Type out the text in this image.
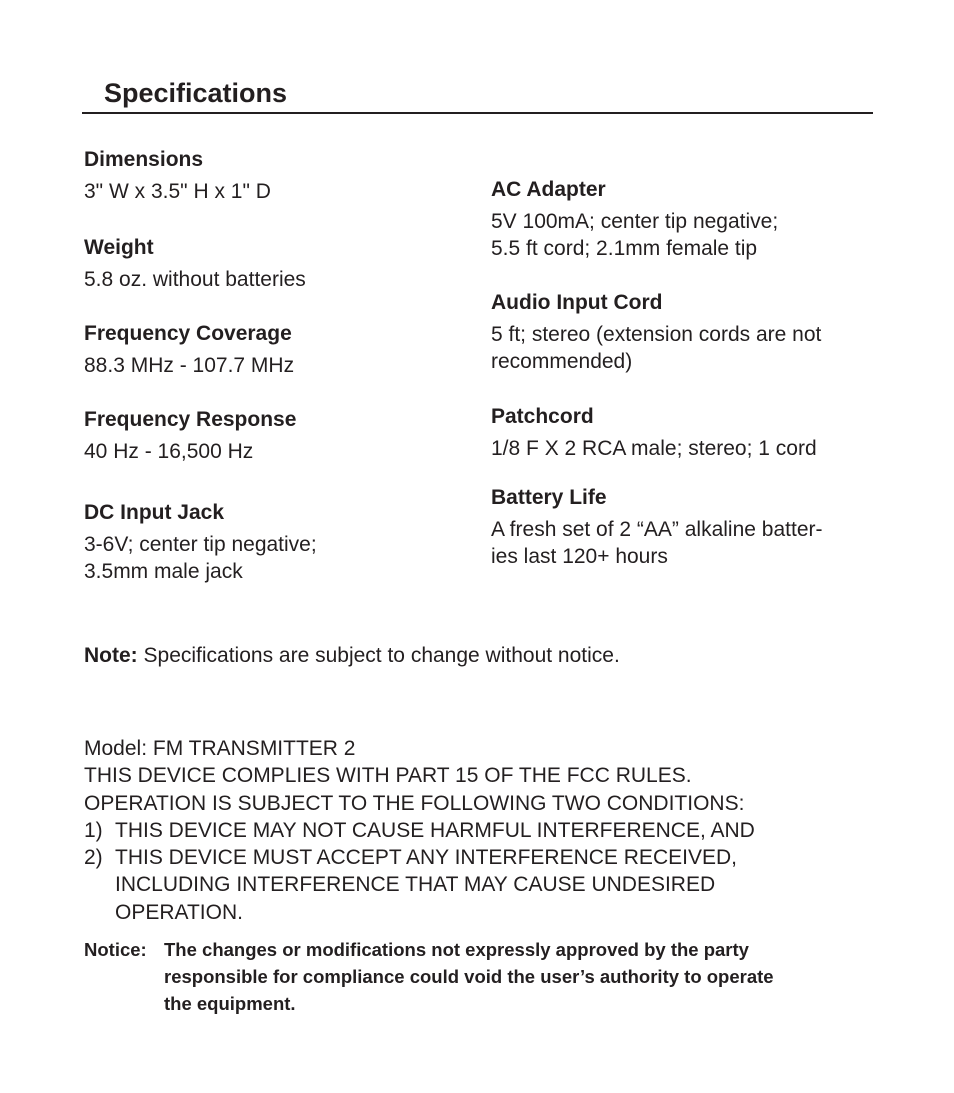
Specifications

Dimensions

3" W x 3.5" H x 1" D

Weight

5.8 oz. without batteries

Frequency Coverage

88.3 MHz - 107.7 MHz

Frequency Response

40 Hz - 16,500 Hz

DC Input Jack

3-6V; center tip negative;
3.5mm male jack

AC Adapter

5V 100mA; center tip negative;
5.5 ft cord; 2.1mm female tip

Audio Input Cord

5 ft; stereo (extension cords are not
recommended)

Patchcord

1/8 F X 2 RCA male; stereo; 1 cord

Battery Life

A fresh set of 2 “AA” alkaline batter-
ies last 120+ hours

Note: Specifications are subject to change without notice.

Model: FM TRANSMITTER 2

THIS DEVICE COMPLIES WITH PART 15 OF THE FCC RULES.

OPERATION IS SUBJECT TO THE FOLLOWING TWO CONDITIONS:

1) THIS DEVICE MAY NOT CAUSE HARMFUL INTERFERENCE, AND
2) THIS DEVICE MUST ACCEPT ANY INTERFERENCE RECEIVED, INCLUDING INTERFERENCE THAT MAY CAUSE UNDESIRED OPERATION.
Notice: The changes or modifications not expressly approved by the party responsible for compliance could void the user’s authority to operate the equipment.
